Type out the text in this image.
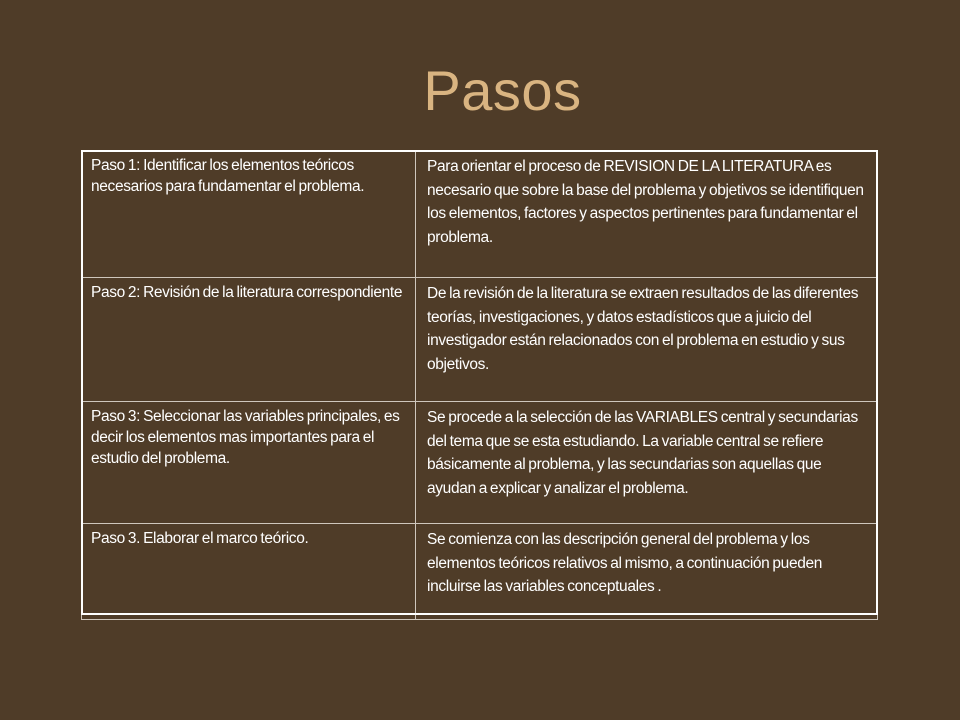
Pasos
Paso 1: Identificar los elementos teóricos necesarios para fundamentar el problema.	Para orientar el proceso de REVISION DE LA LITERATURA es necesario que sobre la base del problema y objetivos se identifiquen los elementos, factores y aspectos pertinentes para fundamentar el problema.
Paso 2: Revisión de la literatura correspondiente	De la revisión de la literatura se extraen resultados de las diferentes teorías, investigaciones, y datos estadísticos que a juicio del investigador están relacionados con el problema en estudio y sus objetivos.
Paso 3: Seleccionar las variables principales, es decir los elementos mas importantes para el estudio del problema.	Se procede a la selección de las VARIABLES central y secundarias del tema que se esta estudiando. La variable central se refiere básicamente al problema, y las secundarias son aquellas que ayudan a explicar y analizar el problema.
Paso 3. Elaborar el marco teórico.	Se comienza con las descripción general del problema y los elementos teóricos relativos al mismo, a continuación pueden incluirse las variables conceptuales .
